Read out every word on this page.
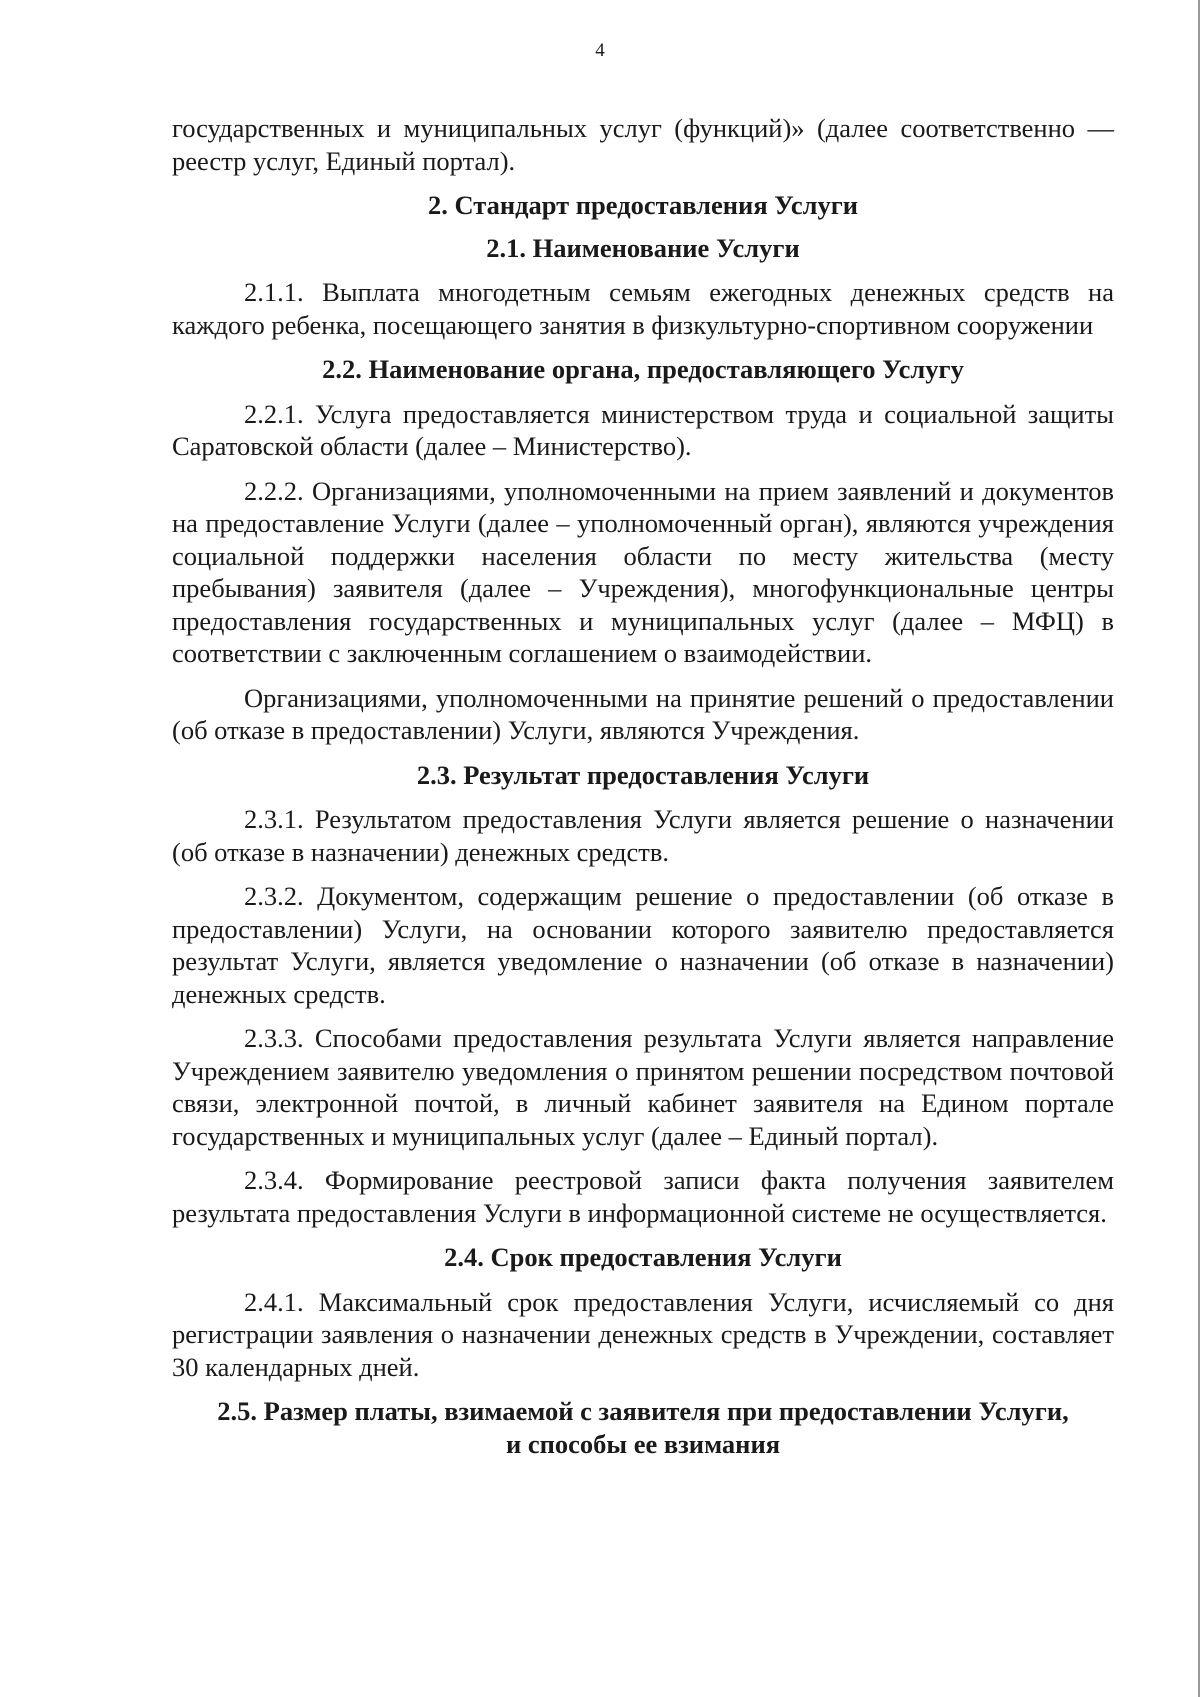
4

государственных и муниципальных услуг (функций)» (далее соответственно — реестр услуг, Единый портал).

2. Стандарт предоставления Услуги
2.1. Наименование Услуги

2.1.1. Выплата многодетным семьям ежегодных денежных средств на каждого ребенка, посещающего занятия в физкультурно-спортивном сооружении

2.2. Наименование органа, предоставляющего Услугу

2.2.1. Услуга предоставляется министерством труда и социальной защиты Саратовской области (далее – Министерство).

2.2.2. Организациями, уполномоченными на прием заявлений и документов на предоставление Услуги (далее – уполномоченный орган), являются учреждения социальной поддержки населения области по месту жительства (месту пребывания) заявителя (далее – Учреждения), многофункциональные центры предоставления государственных и муниципальных услуг (далее – МФЦ) в соответствии с заключенным соглашением о взаимодействии.

Организациями, уполномоченными на принятие решений о предоставлении (об отказе в предоставлении) Услуги, являются Учреждения.

2.3. Результат предоставления Услуги

2.3.1. Результатом предоставления Услуги является решение о назначении (об отказе в назначении) денежных средств.

2.3.2. Документом, содержащим решение о предоставлении (об отказе в предоставлении) Услуги, на основании которого заявителю предоставляется результат Услуги, является уведомление о назначении (об отказе в назначении) денежных средств.

2.3.3. Способами предоставления результата Услуги является направление Учреждением заявителю уведомления о принятом решении посредством почтовой связи, электронной почтой, в личный кабинет заявителя на Едином портале государственных и муниципальных услуг (далее – Единый портал).

2.3.4. Формирование реестровой записи факта получения заявителем результата предоставления Услуги в информационной системе не осуществляется.

2.4. Срок предоставления Услуги

2.4.1. Максимальный срок предоставления Услуги, исчисляемый со дня регистрации заявления о назначении денежных средств в Учреждении, составляет 30 календарных дней.

2.5. Размер платы, взимаемой с заявителя при предоставлении Услуги,
и способы ее взимания
